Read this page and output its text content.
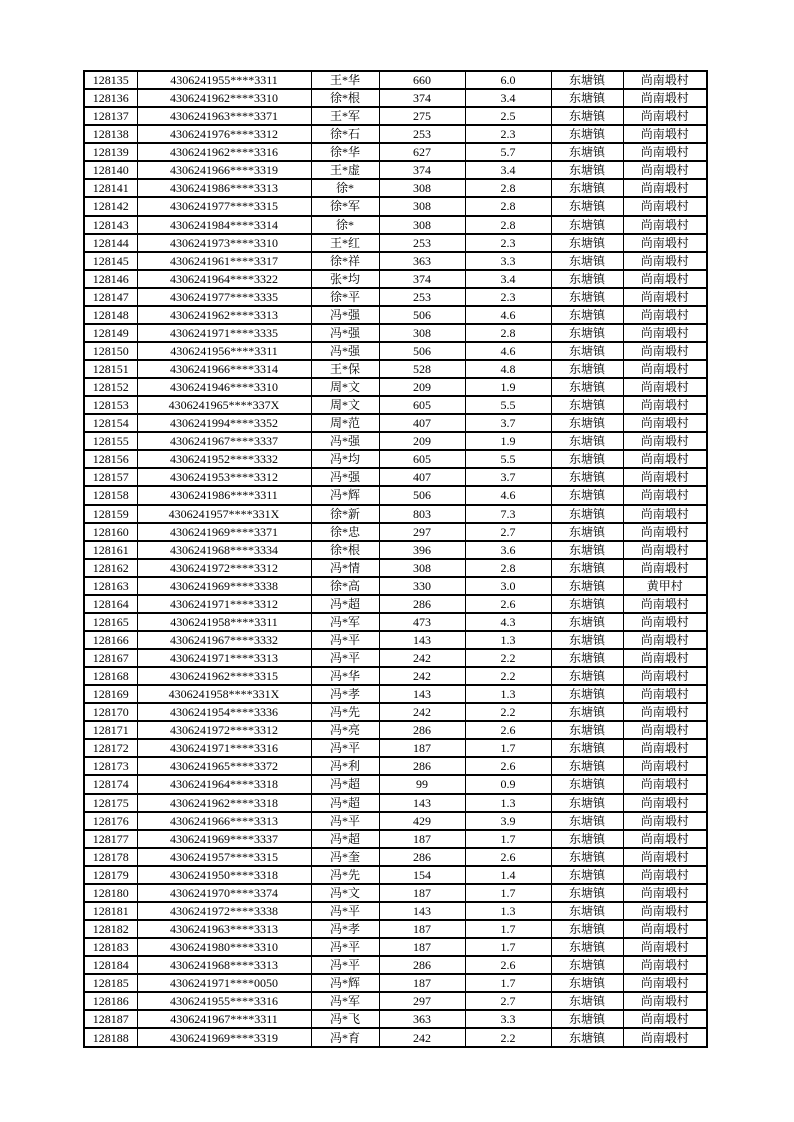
128135	4306241955****3311	王*华	660	6.0	东塘镇	尚南塅村
128136	4306241962****3310	徐*根	374	3.4	东塘镇	尚南塅村
128137	4306241963****3371	王*军	275	2.5	东塘镇	尚南塅村
128138	4306241976****3312	徐*石	253	2.3	东塘镇	尚南塅村
128139	4306241962****3316	徐*华	627	5.7	东塘镇	尚南塅村
128140	4306241966****3319	王*虚	374	3.4	东塘镇	尚南塅村
128141	4306241986****3313	徐*	308	2.8	东塘镇	尚南塅村
128142	4306241977****3315	徐*军	308	2.8	东塘镇	尚南塅村
128143	4306241984****3314	徐*	308	2.8	东塘镇	尚南塅村
128144	4306241973****3310	王*红	253	2.3	东塘镇	尚南塅村
128145	4306241961****3317	徐*祥	363	3.3	东塘镇	尚南塅村
128146	4306241964****3322	张*均	374	3.4	东塘镇	尚南塅村
128147	4306241977****3335	徐*平	253	2.3	东塘镇	尚南塅村
128148	4306241962****3313	冯*强	506	4.6	东塘镇	尚南塅村
128149	4306241971****3335	冯*强	308	2.8	东塘镇	尚南塅村
128150	4306241956****3311	冯*强	506	4.6	东塘镇	尚南塅村
128151	4306241966****3314	王*保	528	4.8	东塘镇	尚南塅村
128152	4306241946****3310	周*文	209	1.9	东塘镇	尚南塅村
128153	4306241965****337X	周*文	605	5.5	东塘镇	尚南塅村
128154	4306241994****3352	周*范	407	3.7	东塘镇	尚南塅村
128155	4306241967****3337	冯*强	209	1.9	东塘镇	尚南塅村
128156	4306241952****3332	冯*均	605	5.5	东塘镇	尚南塅村
128157	4306241953****3312	冯*强	407	3.7	东塘镇	尚南塅村
128158	4306241986****3311	冯*辉	506	4.6	东塘镇	尚南塅村
128159	4306241957****331X	徐*新	803	7.3	东塘镇	尚南塅村
128160	4306241969****3371	徐*忠	297	2.7	东塘镇	尚南塅村
128161	4306241968****3334	徐*根	396	3.6	东塘镇	尚南塅村
128162	4306241972****3312	冯*情	308	2.8	东塘镇	尚南塅村
128163	4306241969****3338	徐*高	330	3.0	东塘镇	黄甲村
128164	4306241971****3312	冯*超	286	2.6	东塘镇	尚南塅村
128165	4306241958****3311	冯*军	473	4.3	东塘镇	尚南塅村
128166	4306241967****3332	冯*平	143	1.3	东塘镇	尚南塅村
128167	4306241971****3313	冯*平	242	2.2	东塘镇	尚南塅村
128168	4306241962****3315	冯*华	242	2.2	东塘镇	尚南塅村
128169	4306241958****331X	冯*孝	143	1.3	东塘镇	尚南塅村
128170	4306241954****3336	冯*先	242	2.2	东塘镇	尚南塅村
128171	4306241972****3312	冯*亮	286	2.6	东塘镇	尚南塅村
128172	4306241971****3316	冯*平	187	1.7	东塘镇	尚南塅村
128173	4306241965****3372	冯*利	286	2.6	东塘镇	尚南塅村
128174	4306241964****3318	冯*超	99	0.9	东塘镇	尚南塅村
128175	4306241962****3318	冯*超	143	1.3	东塘镇	尚南塅村
128176	4306241966****3313	冯*平	429	3.9	东塘镇	尚南塅村
128177	4306241969****3337	冯*超	187	1.7	东塘镇	尚南塅村
128178	4306241957****3315	冯*奎	286	2.6	东塘镇	尚南塅村
128179	4306241950****3318	冯*先	154	1.4	东塘镇	尚南塅村
128180	4306241970****3374	冯*文	187	1.7	东塘镇	尚南塅村
128181	4306241972****3338	冯*平	143	1.3	东塘镇	尚南塅村
128182	4306241963****3313	冯*孝	187	1.7	东塘镇	尚南塅村
128183	4306241980****3310	冯*平	187	1.7	东塘镇	尚南塅村
128184	4306241968****3313	冯*平	286	2.6	东塘镇	尚南塅村
128185	4306241971****0050	冯*辉	187	1.7	东塘镇	尚南塅村
128186	4306241955****3316	冯*军	297	2.7	东塘镇	尚南塅村
128187	4306241967****3311	冯*飞	363	3.3	东塘镇	尚南塅村
128188	4306241969****3319	冯*育	242	2.2	东塘镇	尚南塅村
